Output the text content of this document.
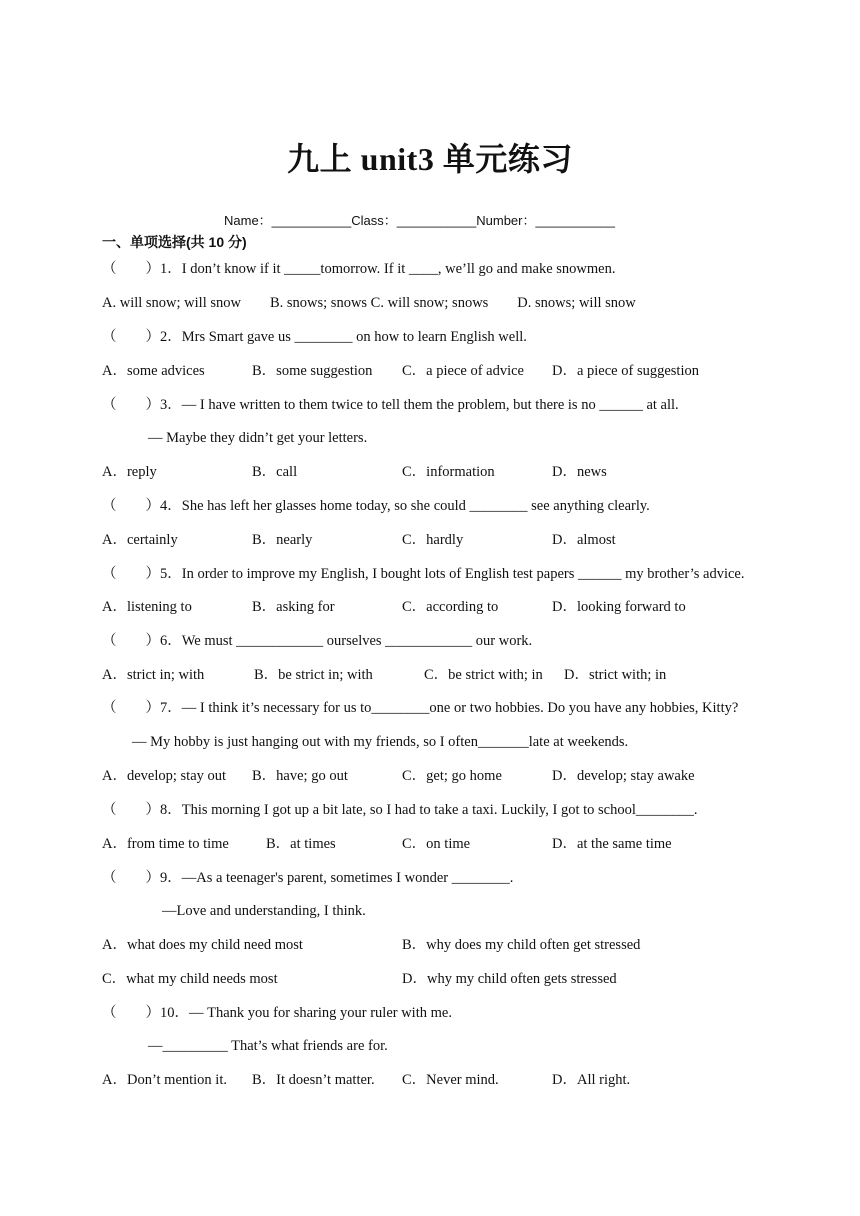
九上 unit3 单元练习
Name：___________Class：___________Number：___________
一、单项选择(共 10 分)
（　　）1．I don’t know if it _____tomorrow. If it ____, we’ll go and make snowmen.
A. will snow; will snow　　B. snows; snows C. will snow; snows　　D. snows; will snow
（　　）2．Mrs Smart gave us ________ on how to learn English well.
A．some advices	B．some suggestion C．a piece of advice D．a piece of suggestion
（　　）3．— I have written to them twice to tell them the problem, but there is no ______ at all.
— Maybe they didn’t get your letters.
A．reply	B．call	C．information	D．news
（　　）4．She has left her glasses home today, so she could ________ see anything clearly.
A．certainly	B．nearly	C．hardly	D．almost
（　　）5．In order to improve my English, I bought lots of English test papers ______ my brother’s advice.
A．listening to	B．asking for	C．according to	D．looking forward to
（　　）6．We must ____________ ourselves ____________ our work.
A．strict in; with	B．be strict in; with	C．be strict with; in D．strict with; in
（　　）7．— I think it’s necessary for us to________one or two hobbies. Do you have any hobbies, Kitty?
— My hobby is just hanging out with my friends, so I often_______late at weekends.
A．develop; stay out B．have; go out	C．get; go home	D．develop; stay awake
（　　）8．This morning I got up a bit late, so I had to take a taxi. Luckily, I got to school________.
A．from time to time	B．at times	C．on time	D．at the same time
（　　）9．—As a teenager's parent, sometimes I wonder ________.
—Love and understanding, I think.
A．what does my child need most	B．why does my child often get stressed
C．what my child needs most	D．why my child often gets stressed
（　　）10．— Thank you for sharing your ruler with me.
—_________ That’s what friends are for.
A．Don’t mention it. B．It doesn’t matter. C．Never mind.	D．All right.
